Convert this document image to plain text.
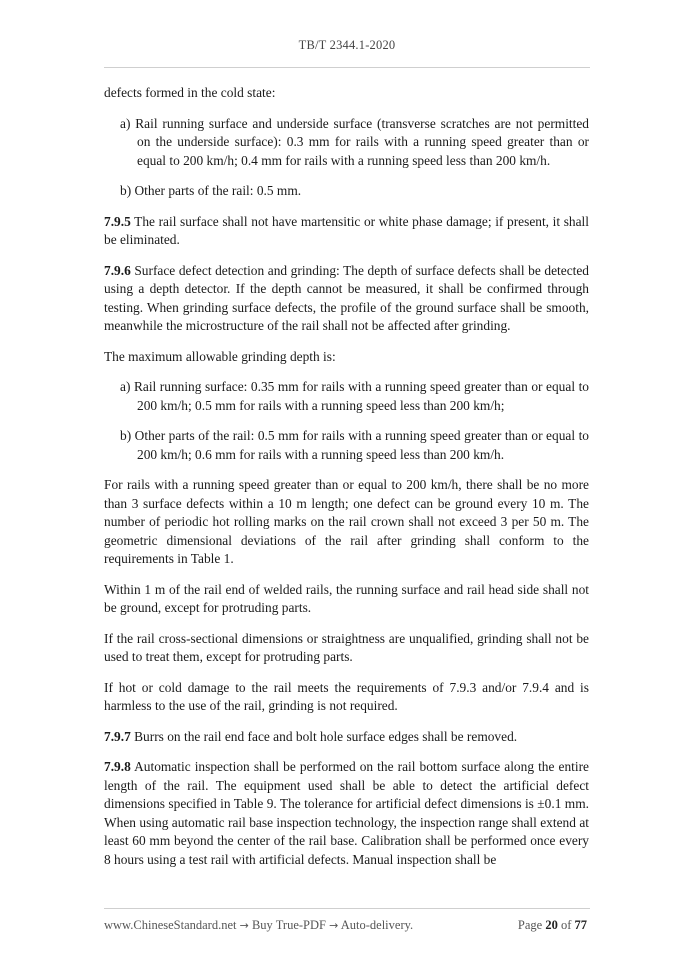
TB/T 2344.1-2020

defects formed in the cold state:

a) Rail running surface and underside surface (transverse scratches are not permitted on the underside surface): 0.3 mm for rails with a running speed greater than or equal to 200 km/h; 0.4 mm for rails with a running speed less than 200 km/h.

b) Other parts of the rail: 0.5 mm.

7.9.5 The rail surface shall not have martensitic or white phase damage; if present, it shall be eliminated.

7.9.6 Surface defect detection and grinding: The depth of surface defects shall be detected using a depth detector. If the depth cannot be measured, it shall be confirmed through testing. When grinding surface defects, the profile of the ground surface shall be smooth, meanwhile the microstructure of the rail shall not be affected after grinding.

The maximum allowable grinding depth is:

a) Rail running surface: 0.35 mm for rails with a running speed greater than or equal to 200 km/h; 0.5 mm for rails with a running speed less than 200 km/h;

b) Other parts of the rail: 0.5 mm for rails with a running speed greater than or equal to 200 km/h; 0.6 mm for rails with a running speed less than 200 km/h.

For rails with a running speed greater than or equal to 200 km/h, there shall be no more than 3 surface defects within a 10 m length; one defect can be ground every 10 m. The number of periodic hot rolling marks on the rail crown shall not exceed 3 per 50 m. The geometric dimensional deviations of the rail after grinding shall conform to the requirements in Table 1.

Within 1 m of the rail end of welded rails, the running surface and rail head side shall not be ground, except for protruding parts.

If the rail cross-sectional dimensions or straightness are unqualified, grinding shall not be used to treat them, except for protruding parts.

If hot or cold damage to the rail meets the requirements of 7.9.3 and/or 7.9.4 and is harmless to the use of the rail, grinding is not required.

7.9.7 Burrs on the rail end face and bolt hole surface edges shall be removed.

7.9.8 Automatic inspection shall be performed on the rail bottom surface along the entire length of the rail. The equipment used shall be able to detect the artificial defect dimensions specified in Table 9. The tolerance for artificial defect dimensions is ±0.1 mm. When using automatic rail base inspection technology, the inspection range shall extend at least 60 mm beyond the center of the rail base. Calibration shall be performed once every 8 hours using a test rail with artificial defects. Manual inspection shall be

www.ChineseStandard.net → Buy True-PDF → Auto-delivery.	Page 20 of 77
